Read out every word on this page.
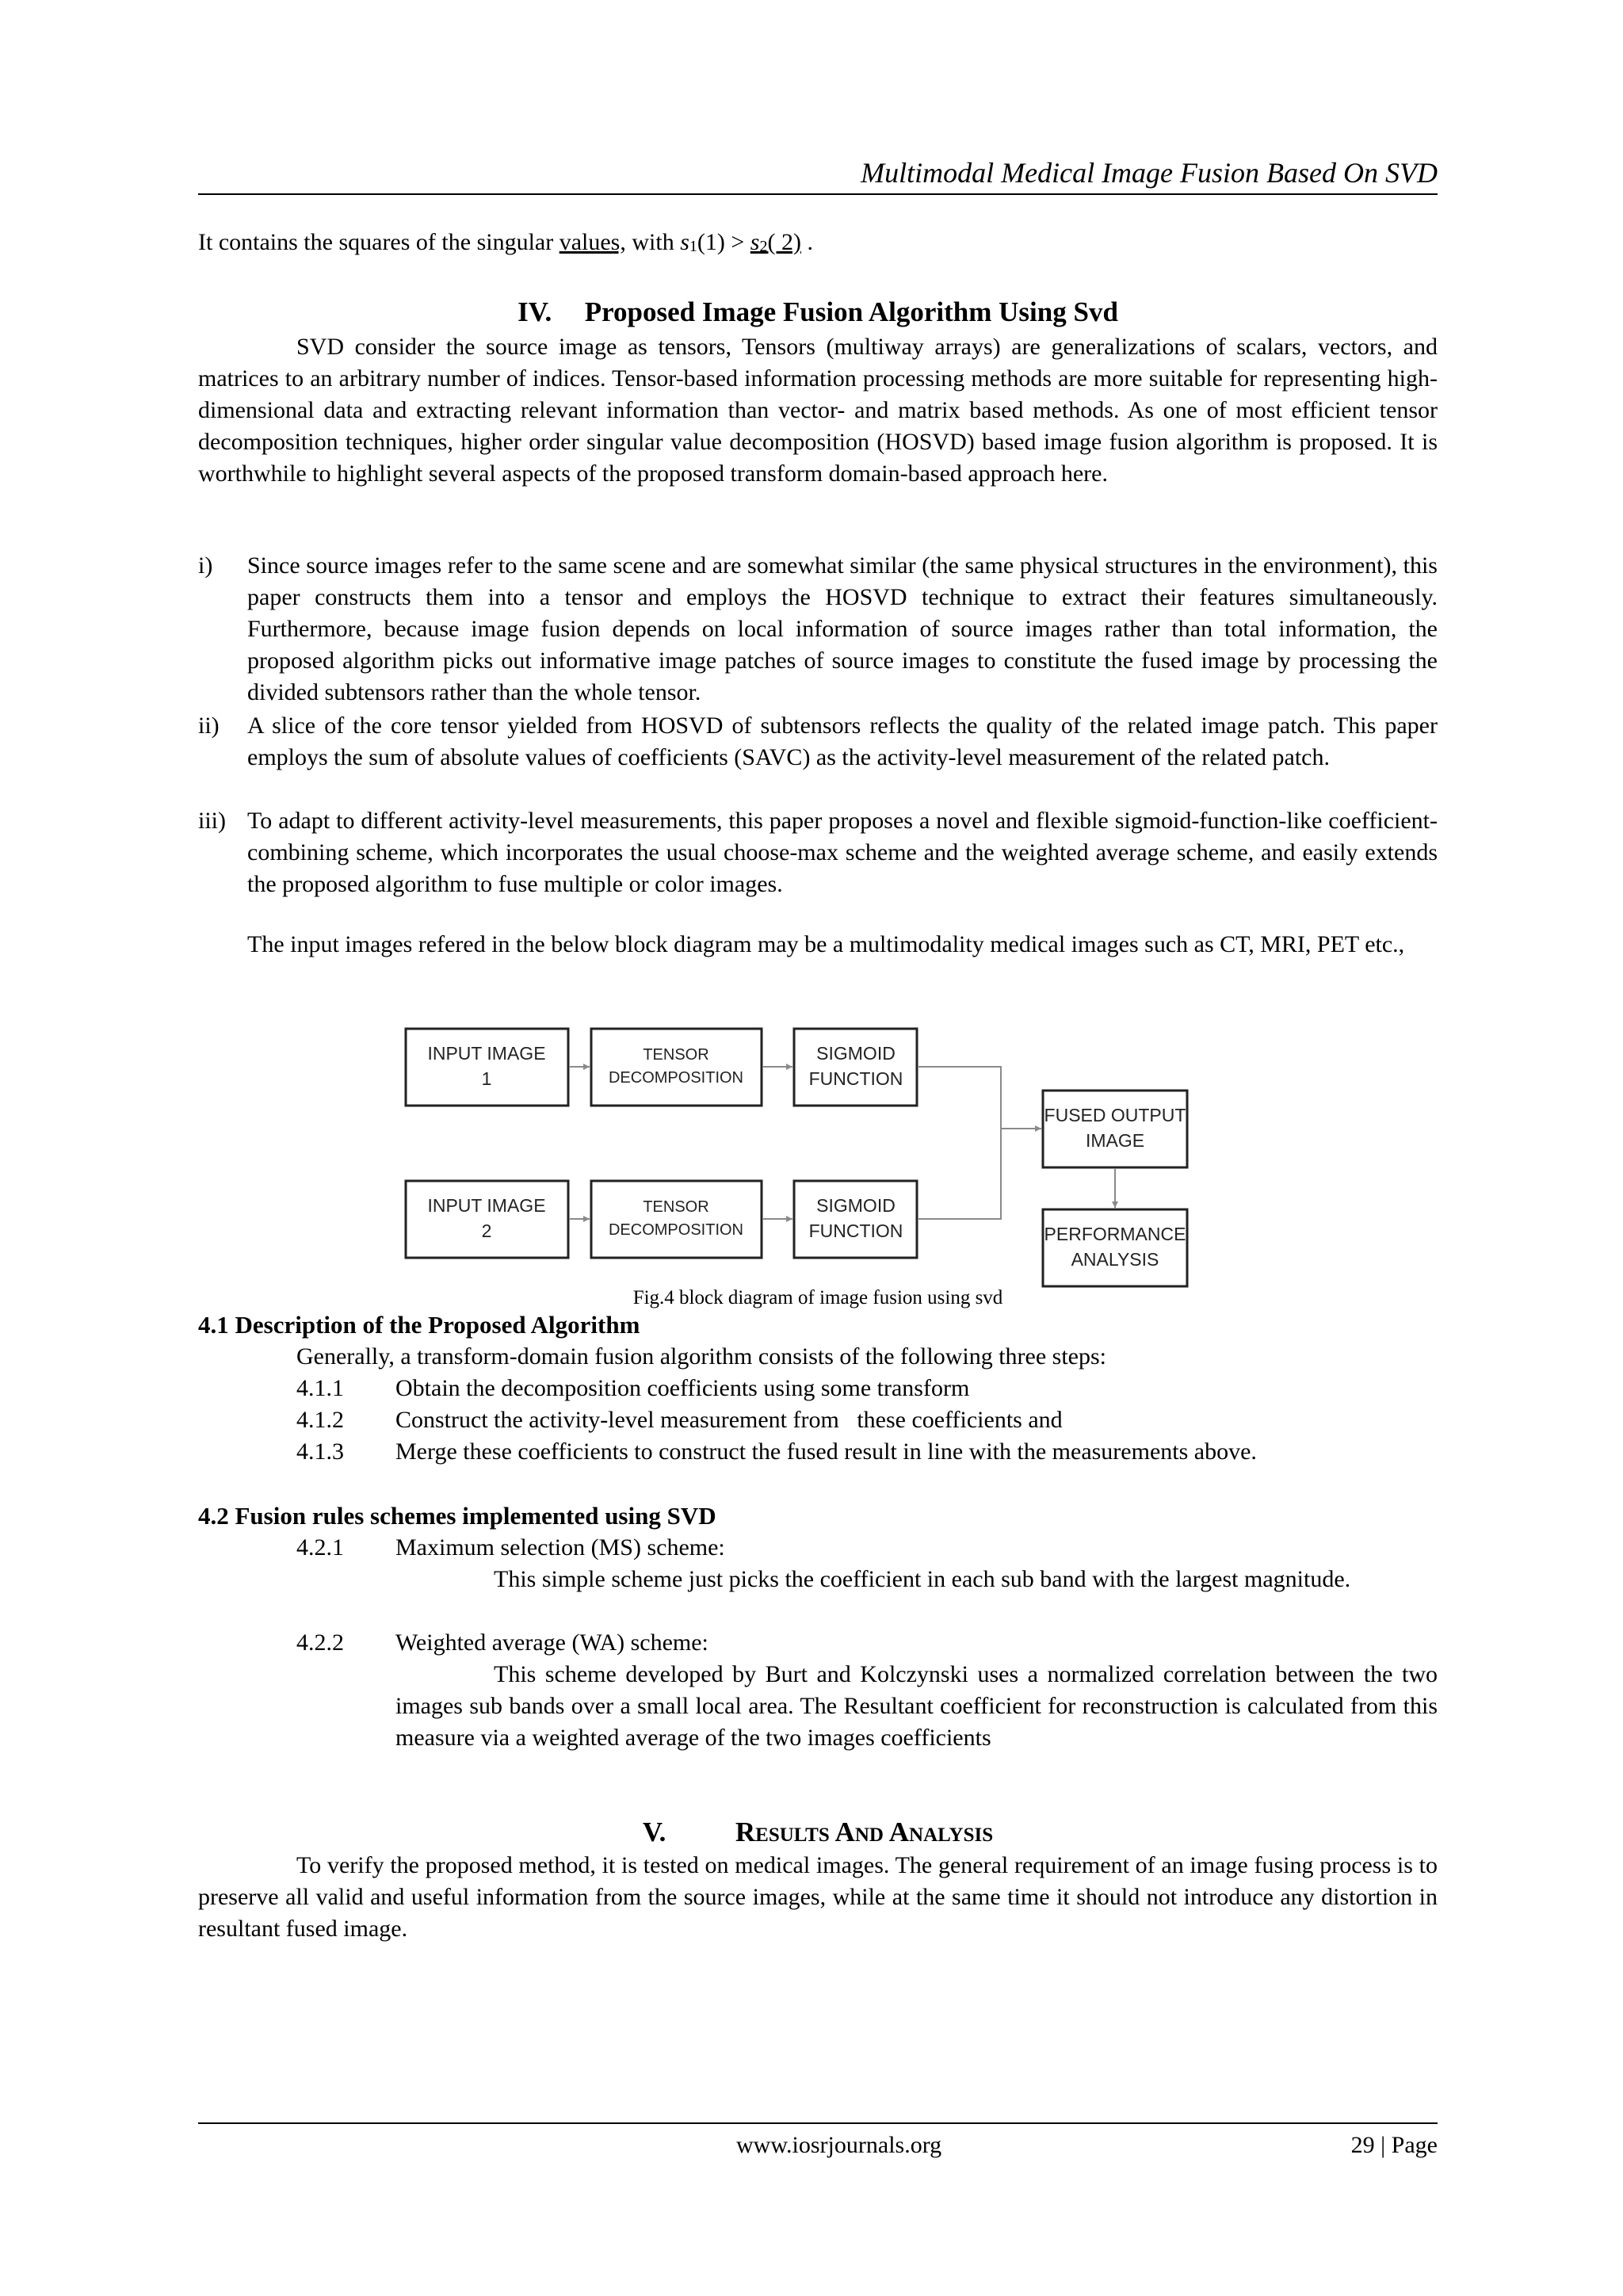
Multimodal Medical Image Fusion Based On SVD
It contains the squares of the singular values, with s1(1) > s2( 2) .
IV. Proposed Image Fusion Algorithm Using Svd
SVD consider the source image as tensors, Tensors (multiway arrays) are generalizations of scalars, vectors, and matrices to an arbitrary number of indices. Tensor-based information processing methods are more suitable for representing high-dimensional data and extracting relevant information than vector- and matrix based methods. As one of most efficient tensor decomposition techniques, higher order singular value decomposition (HOSVD) based image fusion algorithm is proposed. It is worthwhile to highlight several aspects of the proposed transform domain-based approach here.
i) Since source images refer to the same scene and are somewhat similar (the same physical structures in the environment), this paper constructs them into a tensor and employs the HOSVD technique to extract their features simultaneously. Furthermore, because image fusion depends on local information of source images rather than total information, the proposed algorithm picks out informative image patches of source images to constitute the fused image by processing the divided subtensors rather than the whole tensor.
ii) A slice of the core tensor yielded from HOSVD of subtensors reflects the quality of the related image patch. This paper employs the sum of absolute values of coefficients (SAVC) as the activity-level measurement of the related patch.
iii) To adapt to different activity-level measurements, this paper proposes a novel and flexible sigmoid-function-like coefficient-combining scheme, which incorporates the usual choose-max scheme and the weighted average scheme, and easily extends the proposed algorithm to fuse multiple or color images.
The input images refered in the below block diagram may be a multimodality medical images such as CT, MRI, PET etc.,
INPUT IMAGE
1
TENSOR
DECOMPOSITION
SIGMOID
FUNCTION
INPUT IMAGE
2
TENSOR
DECOMPOSITION
SIGMOID
FUNCTION
FUSED OUTPUT
IMAGE
PERFORMANCE
ANALYSIS
Fig.4 block diagram of image fusion using svd
4.1 Description of the Proposed Algorithm
Generally, a transform-domain fusion algorithm consists of the following three steps:
4.1.1 Obtain the decomposition coefficients using some transform
4.1.2 Construct the activity-level measurement from   these coefficients and
4.1.3 Merge these coefficients to construct the fused result in line with the measurements above.
4.2 Fusion rules schemes implemented using SVD
4.2.1 Maximum selection (MS) scheme:
This simple scheme just picks the coefficient in each sub band with the largest magnitude.
4.2.2 Weighted average (WA) scheme:
This scheme developed by Burt and Kolczynski uses a normalized correlation between the two images sub bands over a small local area. The Resultant coefficient for reconstruction is calculated from this measure via a weighted average of the two images coefficients
V.	Results And Analysis
To verify the proposed method, it is tested on medical images. The general requirement of an image fusing process is to preserve all valid and useful information from the source images, while at the same time it should not introduce any distortion in resultant fused image.
www.iosrjournals.org	29 | Page
